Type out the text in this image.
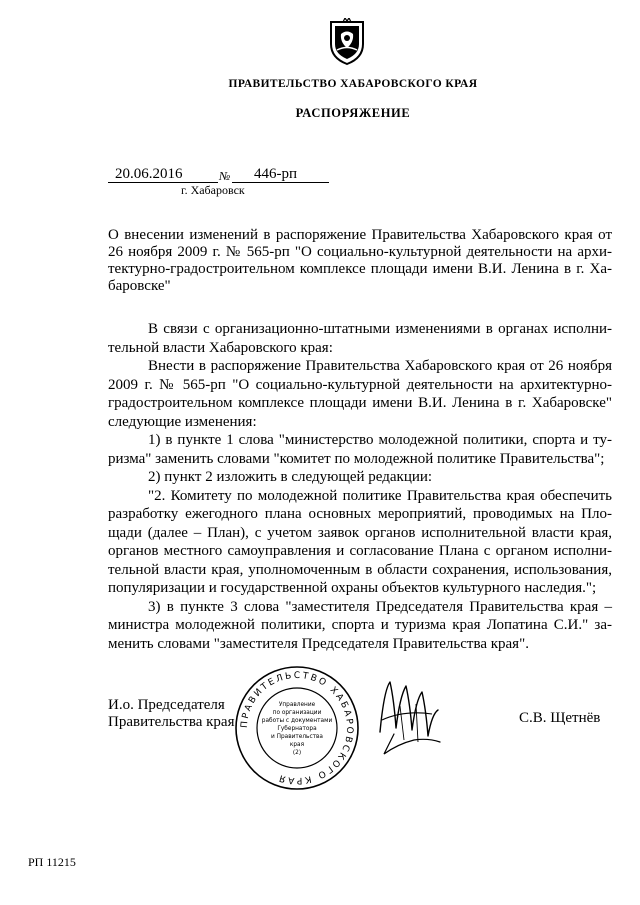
ПРАВИТЕЛЬСТВО ХАБАРОВСКОГО КРАЯ
РАСПОРЯЖЕНИЕ
20.06.2016	№ 446-рп
г. Хабаровск
О внесении изменений в распоряжение Правительства Хабаровского края от 26 ноября 2009 г. № 565-рп "О социально-культурной деятельности на архи-тектурно-градостроительном комплексе площади имени В.И. Ленина в г. Ха-баровске"

В связи с организационно-штатными изменениями в органах исполни-тельной власти Хабаровского края:

Внести в распоряжение Правительства Хабаровского края от 26 ноября 2009 г. № 565-рп "О социально-культурной деятельности на архитектурно-градостроительном комплексе площади имени В.И. Ленина в г. Хабаровске" следующие изменения:

1) в пункте 1 слова "министерство молодежной политики, спорта и ту-ризма" заменить словами "комитет по молодежной политике Правительства";

2) пункт 2 изложить в следующей редакции:

"2. Комитету по молодежной политике Правительства края обеспечить разработку ежегодного плана основных мероприятий, проводимых на Пло-щади (далее – План), с учетом заявок органов исполнительной власти края, органов местного самоуправления и согласование Плана с органом исполни-тельной власти края, уполномоченным в области сохранения, использования, популяризации и государственной охраны объектов культурного наследия.";

3) в пункте 3 слова "заместителя Председателя Правительства края – министра молодежной политики, спорта и туризма края Лопатина С.И." за-менить словами "заместителя Председателя Правительства края".

И.о. Председателя
Правительства края	С.В. Щетнёв
ПРАВИТЕЛЬСТВО ХАБАРОВСКОГО КРАЯ
Управление
по организации
работы с документами
Губернатора
и Правительства
края
(2)
РП 11215
